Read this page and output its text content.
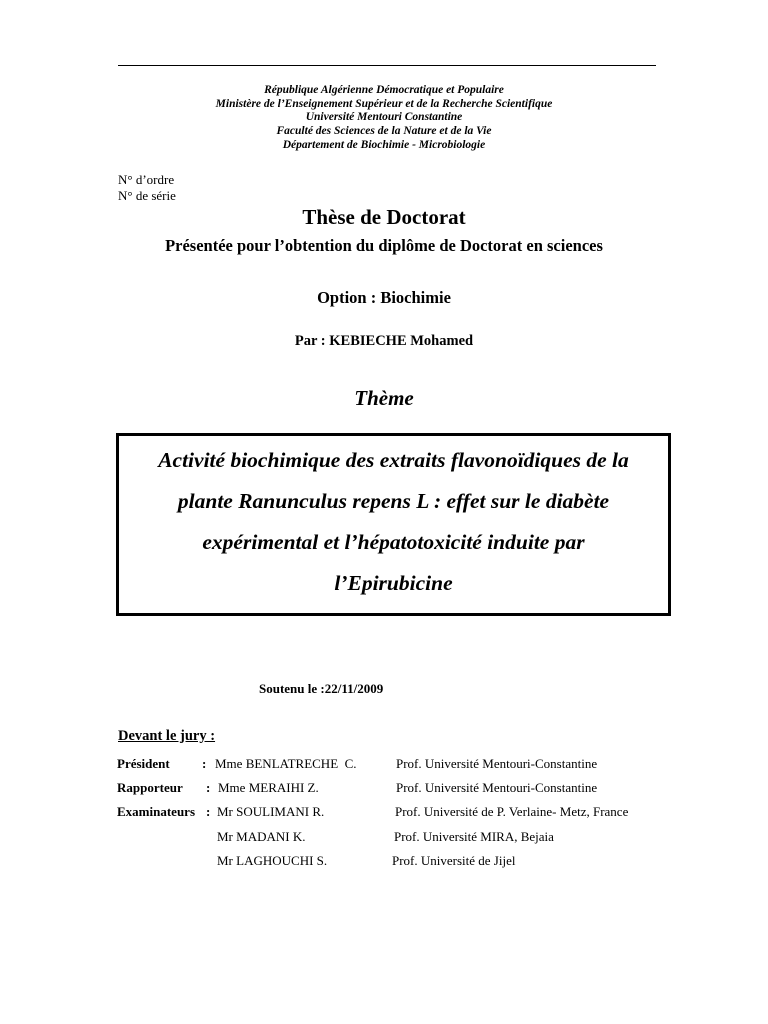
République Algérienne Démocratique et Populaire
Ministère de l’Enseignement Supérieur et de la Recherche Scientifique
Université Mentouri Constantine
Faculté des Sciences de la Nature et de la Vie
Département de Biochimie - Microbiologie
N° d’ordre
N° de série
Thèse de Doctorat
Présentée pour l’obtention du diplôme de Doctorat en sciences
Option : Biochimie
Par : KEBIECHE Mohamed
Thème
Activité biochimique des extraits flavonoïdiques de la
plante Ranunculus repens L : effet sur le diabète
expérimental et l’hépatotoxicité induite par
l’Epirubicine
Soutenu le :22/11/2009
Devant le jury :
Président : Mme BENLATRECHE  C.	Prof. Université Mentouri-Constantine
Rapporteur : Mme MERAIHI Z.	Prof. Université Mentouri-Constantine
Examinateurs : Mr SOULIMANI R.	Prof. Université de P. Verlaine- Metz, France
Mr MADANI K.	Prof. Université MIRA, Bejaia
Mr LAGHOUCHI S.	Prof. Université de Jijel
